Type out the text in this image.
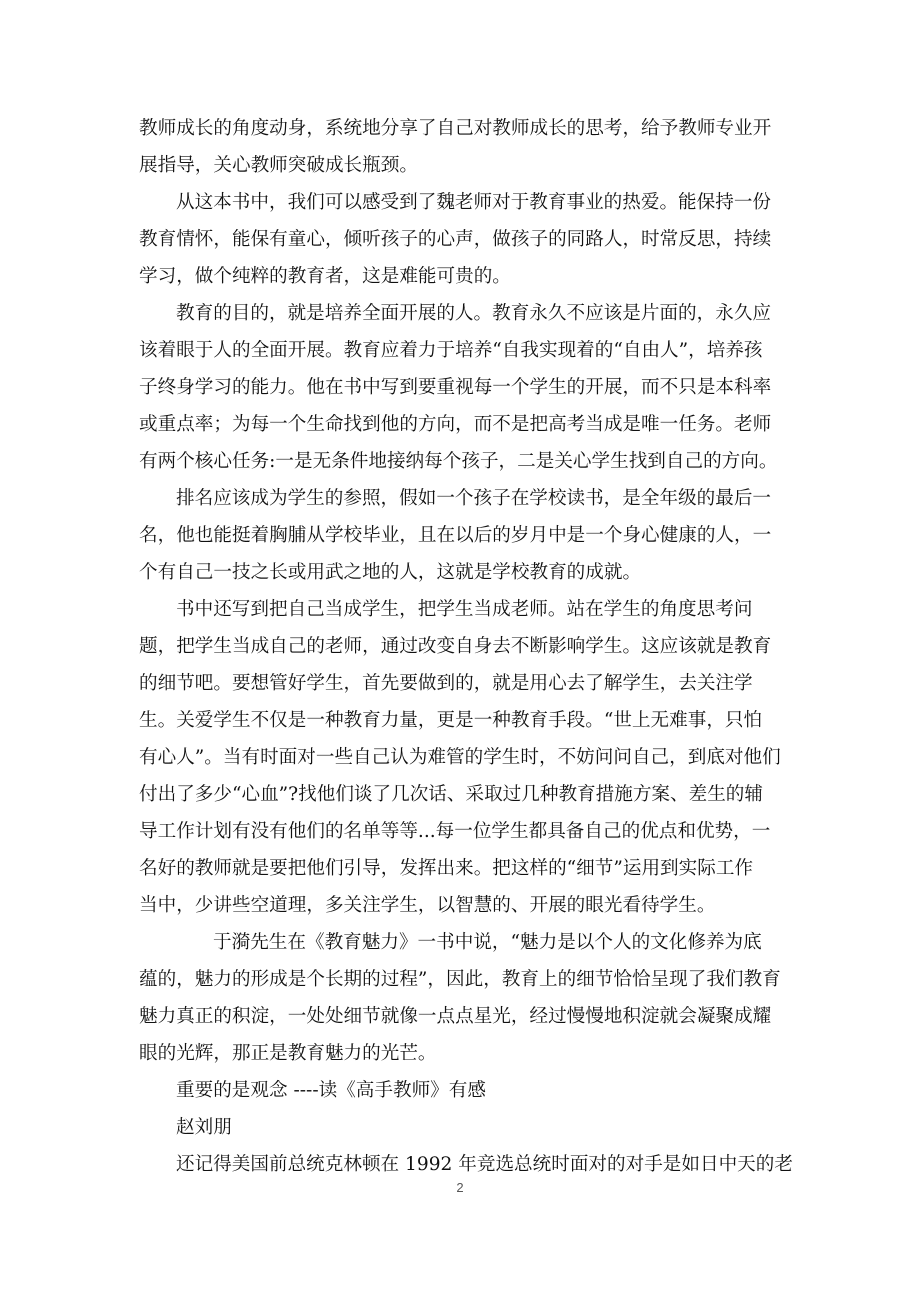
教师成长的角度动身，系统地分享了自己对教师成长的思考，给予教师专业开
展指导，关心教师突破成长瓶颈。
从这本书中，我们可以感受到了魏老师对于教育事业的热爱。能保持一份
教育情怀，能保有童心，倾听孩子的心声，做孩子的同路人，时常反思，持续
学习，做个纯粹的教育者，这是难能可贵的。
教育的目的，就是培养全面开展的人。教育永久不应该是片面的，永久应
该着眼于人的全面开展。教育应着力于培养“自我实现着的“自由人”，培养孩
子终身学习的能力。他在书中写到要重视每一个学生的开展，而不只是本科率
或重点率；为每一个生命找到他的方向，而不是把高考当成是唯一任务。老师
有两个核心任务:一是无条件地接纳每个孩子，二是关心学生找到自己的方向。
排名应该成为学生的参照，假如一个孩子在学校读书，是全年级的最后一
名，他也能挺着胸脯从学校毕业，且在以后的岁月中是一个身心健康的人，一
个有自己一技之长或用武之地的人，这就是学校教育的成就。
书中还写到把自己当成学生，把学生当成老师。站在学生的角度思考问
题，把学生当成自己的老师，通过改变自身去不断影响学生。这应该就是教育
的细节吧。要想管好学生，首先要做到的，就是用心去了解学生，去关注学
生。关爱学生不仅是一种教育力量，更是一种教育手段。“世上无难事，只怕
有心人”。当有时面对一些自己认为难管的学生时，不妨问问自己，到底对他们
付出了多少“心血”?找他们谈了几次话、采取过几种教育措施方案、差生的辅
导工作计划有没有他们的名单等等...每一位学生都具备自己的优点和优势，一
名好的教师就是要把他们引导，发挥出来。把这样的“细节”运用到实际工作
当中，少讲些空道理，多关注学生，以智慧的、开展的眼光看待学生。
于漪先生在《教育魅力》一书中说，“魅力是以个人的文化修养为底
蕴的，魅力的形成是个长期的过程”，因此，教育上的细节恰恰呈现了我们教育
魅力真正的积淀，一处处细节就像一点点星光，经过慢慢地积淀就会凝聚成耀
眼的光辉，那正是教育魅力的光芒。
重要的是观念 ----读《高手教师》有感
赵刘朋
还记得美国前总统克林顿在 1992 年竞选总统时面对的对手是如日中天的老
2
